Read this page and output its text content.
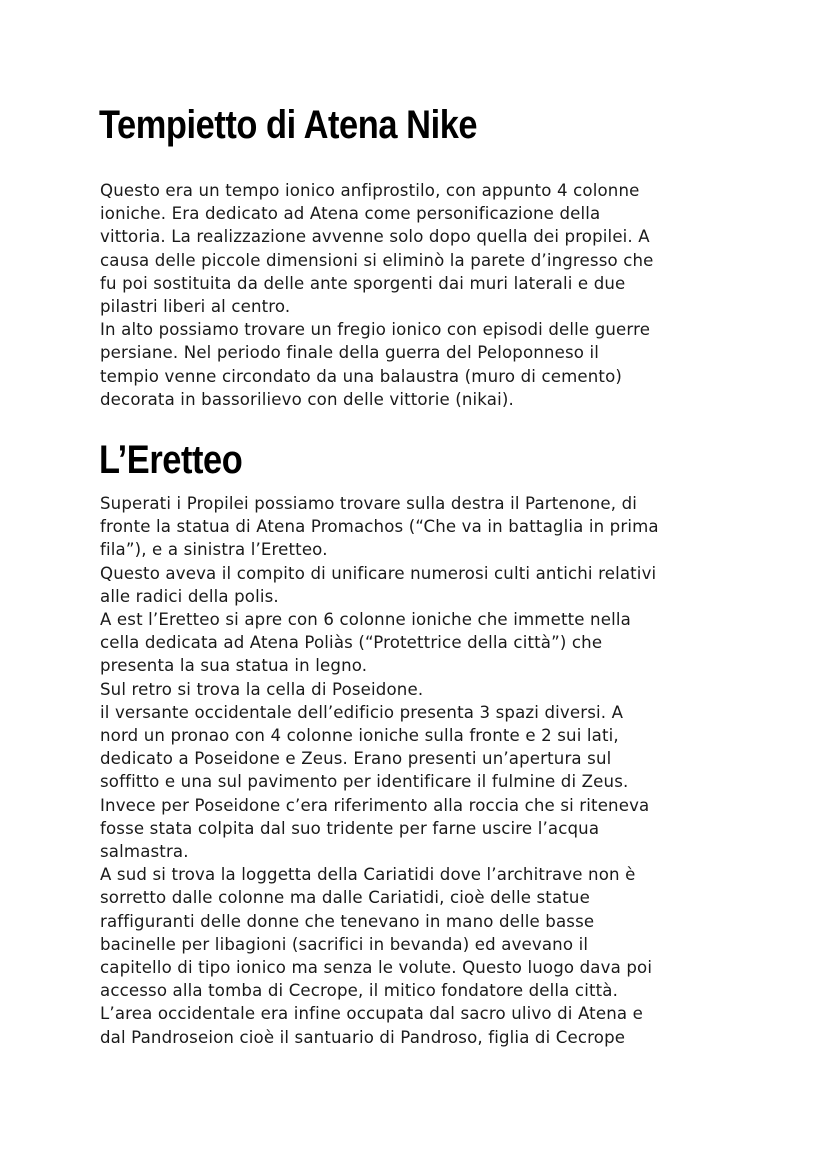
Tempietto di Atena Nike

Questo era un tempo ionico anfiprostilo, con appunto 4 colonne
ioniche. Era dedicato ad Atena come personificazione della
vittoria. La realizzazione avvenne solo dopo quella dei propilei. A
causa delle piccole dimensioni si eliminò la parete d’ingresso che
fu poi sostituita da delle ante sporgenti dai muri laterali e due
pilastri liberi al centro.
In alto possiamo trovare un fregio ionico con episodi delle guerre
persiane. Nel periodo finale della guerra del Peloponneso il
tempio venne circondato da una balaustra (muro di cemento)
decorata in bassorilievo con delle vittorie (nikai).

L’Eretteo

Superati i Propilei possiamo trovare sulla destra il Partenone, di
fronte la statua di Atena Promachos (“Che va in battaglia in prima
fila”), e a sinistra l’Eretteo.
Questo aveva il compito di unificare numerosi culti antichi relativi
alle radici della polis.
A est l’Eretteo si apre con 6 colonne ioniche che immette nella
cella dedicata ad Atena Poliàs (“Protettrice della città”) che
presenta la sua statua in legno.
Sul retro si trova la cella di Poseidone.
il versante occidentale dell’edificio presenta 3 spazi diversi. A
nord un pronao con 4 colonne ioniche sulla fronte e 2 sui lati,
dedicato a Poseidone e Zeus. Erano presenti un’apertura sul
soffitto e una sul pavimento per identificare il fulmine di Zeus.
Invece per Poseidone c’era riferimento alla roccia che si riteneva
fosse stata colpita dal suo tridente per farne uscire l’acqua
salmastra.
A sud si trova la loggetta della Cariatidi dove l’architrave non è
sorretto dalle colonne ma dalle Cariatidi, cioè delle statue
raffiguranti delle donne che tenevano in mano delle basse
bacinelle per libagioni (sacrifici in bevanda) ed avevano il
capitello di tipo ionico ma senza le volute. Questo luogo dava poi
accesso alla tomba di Cecrope, il mitico fondatore della città.
L’area occidentale era infine occupata dal sacro ulivo di Atena e
dal Pandroseion cioè il santuario di Pandroso, figlia di Cecrope
